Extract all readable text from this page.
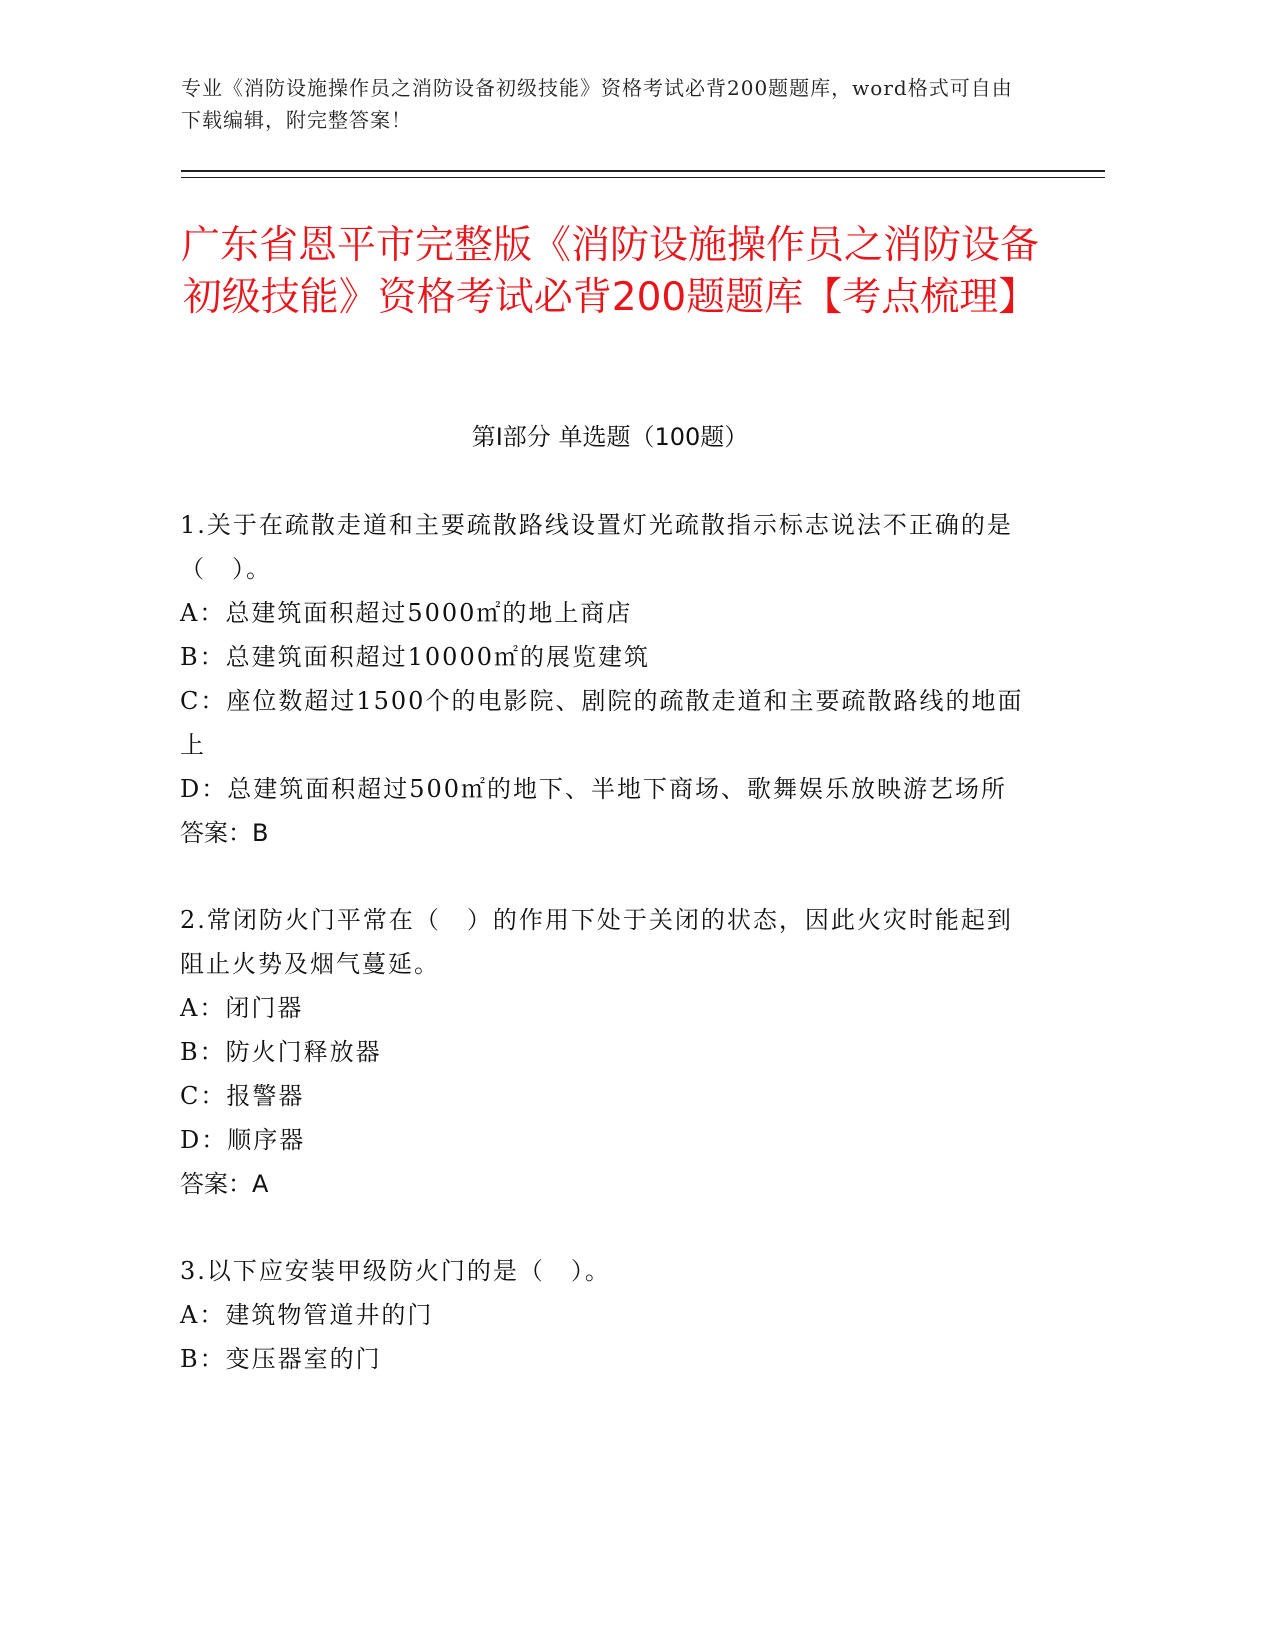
专业《消防设施操作员之消防设备初级技能》资格考试必背200题题库，word格式可自由下载编辑，附完整答案！
广东省恩平市完整版《消防设施操作员之消防设备初级技能》资格考试必背200题题库【考点梳理】
第I部分 单选题（100题）
1.关于在疏散走道和主要疏散路线设置灯光疏散指示标志说法不正确的是（　）。
A：总建筑面积超过5000㎡的地上商店
B：总建筑面积超过10000㎡的展览建筑
C：座位数超过1500个的电影院、剧院的疏散走道和主要疏散路线的地面上
D：总建筑面积超过500㎡的地下、半地下商场、歌舞娱乐放映游艺场所
答案：B
2.常闭防火门平常在（　）的作用下处于关闭的状态，因此火灾时能起到阻止火势及烟气蔓延。
A：闭门器
B：防火门释放器
C：报警器
D：顺序器
答案：A
3.以下应安装甲级防火门的是（　）。
A：建筑物管道井的门
B：变压器室的门
